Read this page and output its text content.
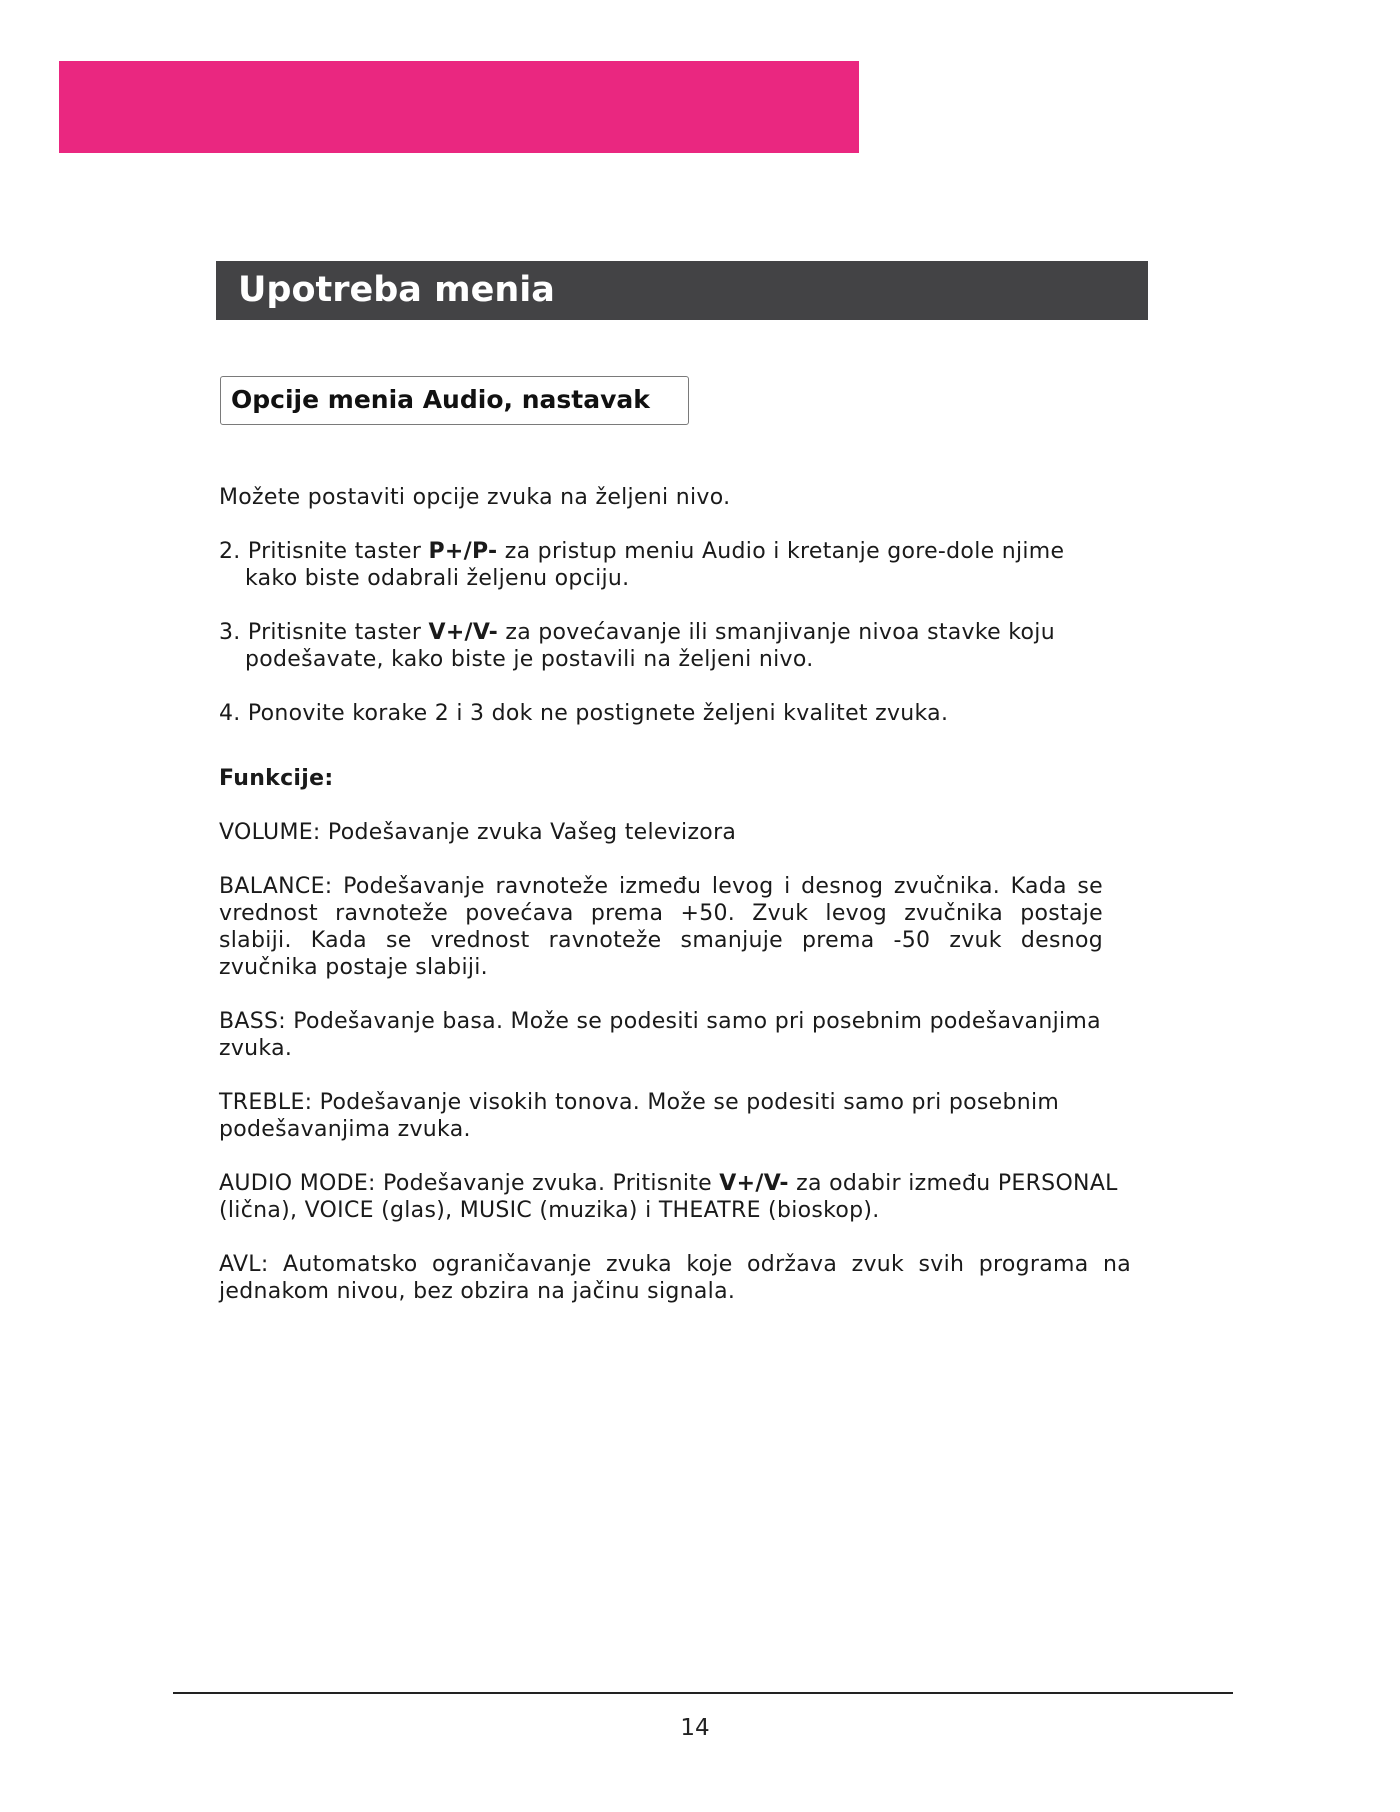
Upotreba menia
Opcije menia Audio, nastavak

Možete postaviti opcije zvuka na željeni nivo.

2. Pritisnite taster P+/P- za pristup meniu Audio i kretanje gore-dole njime

kako biste odabrali željenu opciju.

3. Pritisnite taster V+/V- za povećavanje ili smanjivanje nivoa stavke koju

podešavate, kako biste je postavili na željeni nivo.

4. Ponovite korake 2 i 3 dok ne postignete željeni kvalitet zvuka.

Funkcije:

VOLUME: Podešavanje zvuka Vašeg televizora

BALANCE: Podešavanje ravnoteže između levog i desnog zvučnika. Kada se vrednost ravnoteže povećava prema +50. Zvuk levog zvučnika postaje slabiji. Kada se vrednost ravnoteže smanjuje prema -50 zvuk desnog zvučnika postaje slabiji.

BASS: Podešavanje basa. Može se podesiti samo pri posebnim podešavanjima zvuka.

TREBLE: Podešavanje visokih tonova. Može se podesiti samo pri posebnim

podešavanjima zvuka.

AUDIO MODE: Podešavanje zvuka. Pritisnite V+/V- za odabir između PERSONAL

(lična), VOICE (glas), MUSIC (muzika) i THEATRE (bioskop).

AVL: Automatsko ograničavanje zvuka koje održava zvuk svih programa na jednakom nivou, bez obzira na jačinu signala.

14
